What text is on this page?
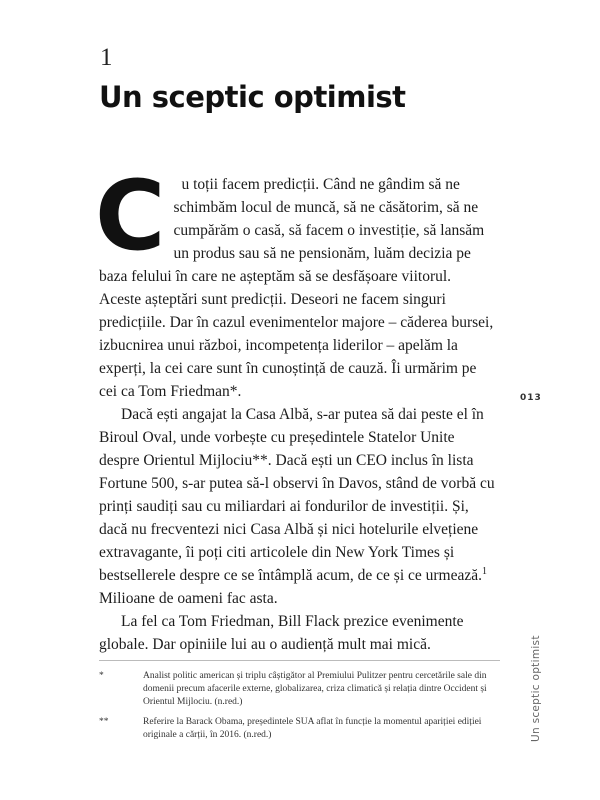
1
Un sceptic optimist

C u toții facem predicții. Când ne gândim să ne schimbăm locul de muncă, să ne căsătorim, să ne cumpărăm o casă, să facem o investiție, să lansăm un produs sau să ne pensionăm, luăm decizia pe baza felului în care ne așteptăm să se desfășoare viitorul. Aceste așteptări sunt predicții. Deseori ne facem singuri predicțiile. Dar în cazul evenimentelor majore – căderea bursei, izbucnirea unui război, incompetența liderilor – apelăm la experți, la cei care sunt în cunoștință de cauză. Îi urmărim pe cei ca Tom Friedman*.

Dacă ești angajat la Casa Albă, s-ar putea să dai peste el în Biroul Oval, unde vorbește cu președintele Statelor Unite despre Orientul Mijlociu**. Dacă ești un CEO inclus în lista Fortune 500, s-ar putea să-l observi în Davos, stând de vorbă cu prinți saudiți sau cu miliardari ai fondurilor de investiții. Și, dacă nu frecventezi nici Casa Albă și nici hotelurile elvețiene extravagante, îi poți citi articolele din New York Times și bestsellerele despre ce se întâmplă acum, de ce și ce urmează.$^1$ Milioane de oameni fac asta.

La fel ca Tom Friedman, Bill Flack prezice evenimente globale. Dar opiniile lui au o audiență mult mai mică.

013
Un sceptic optimist
*	Analist politic american și triplu câștigător al Premiului Pulitzer pentru cercetările sale din domenii precum afacerile externe, globalizarea, criza climatică și relația dintre Occident și Orientul Mijlociu. (n.red.)
**	Referire la Barack Obama, președintele SUA aflat în funcție la momentul apariției ediției originale a cărții, în 2016. (n.red.)
